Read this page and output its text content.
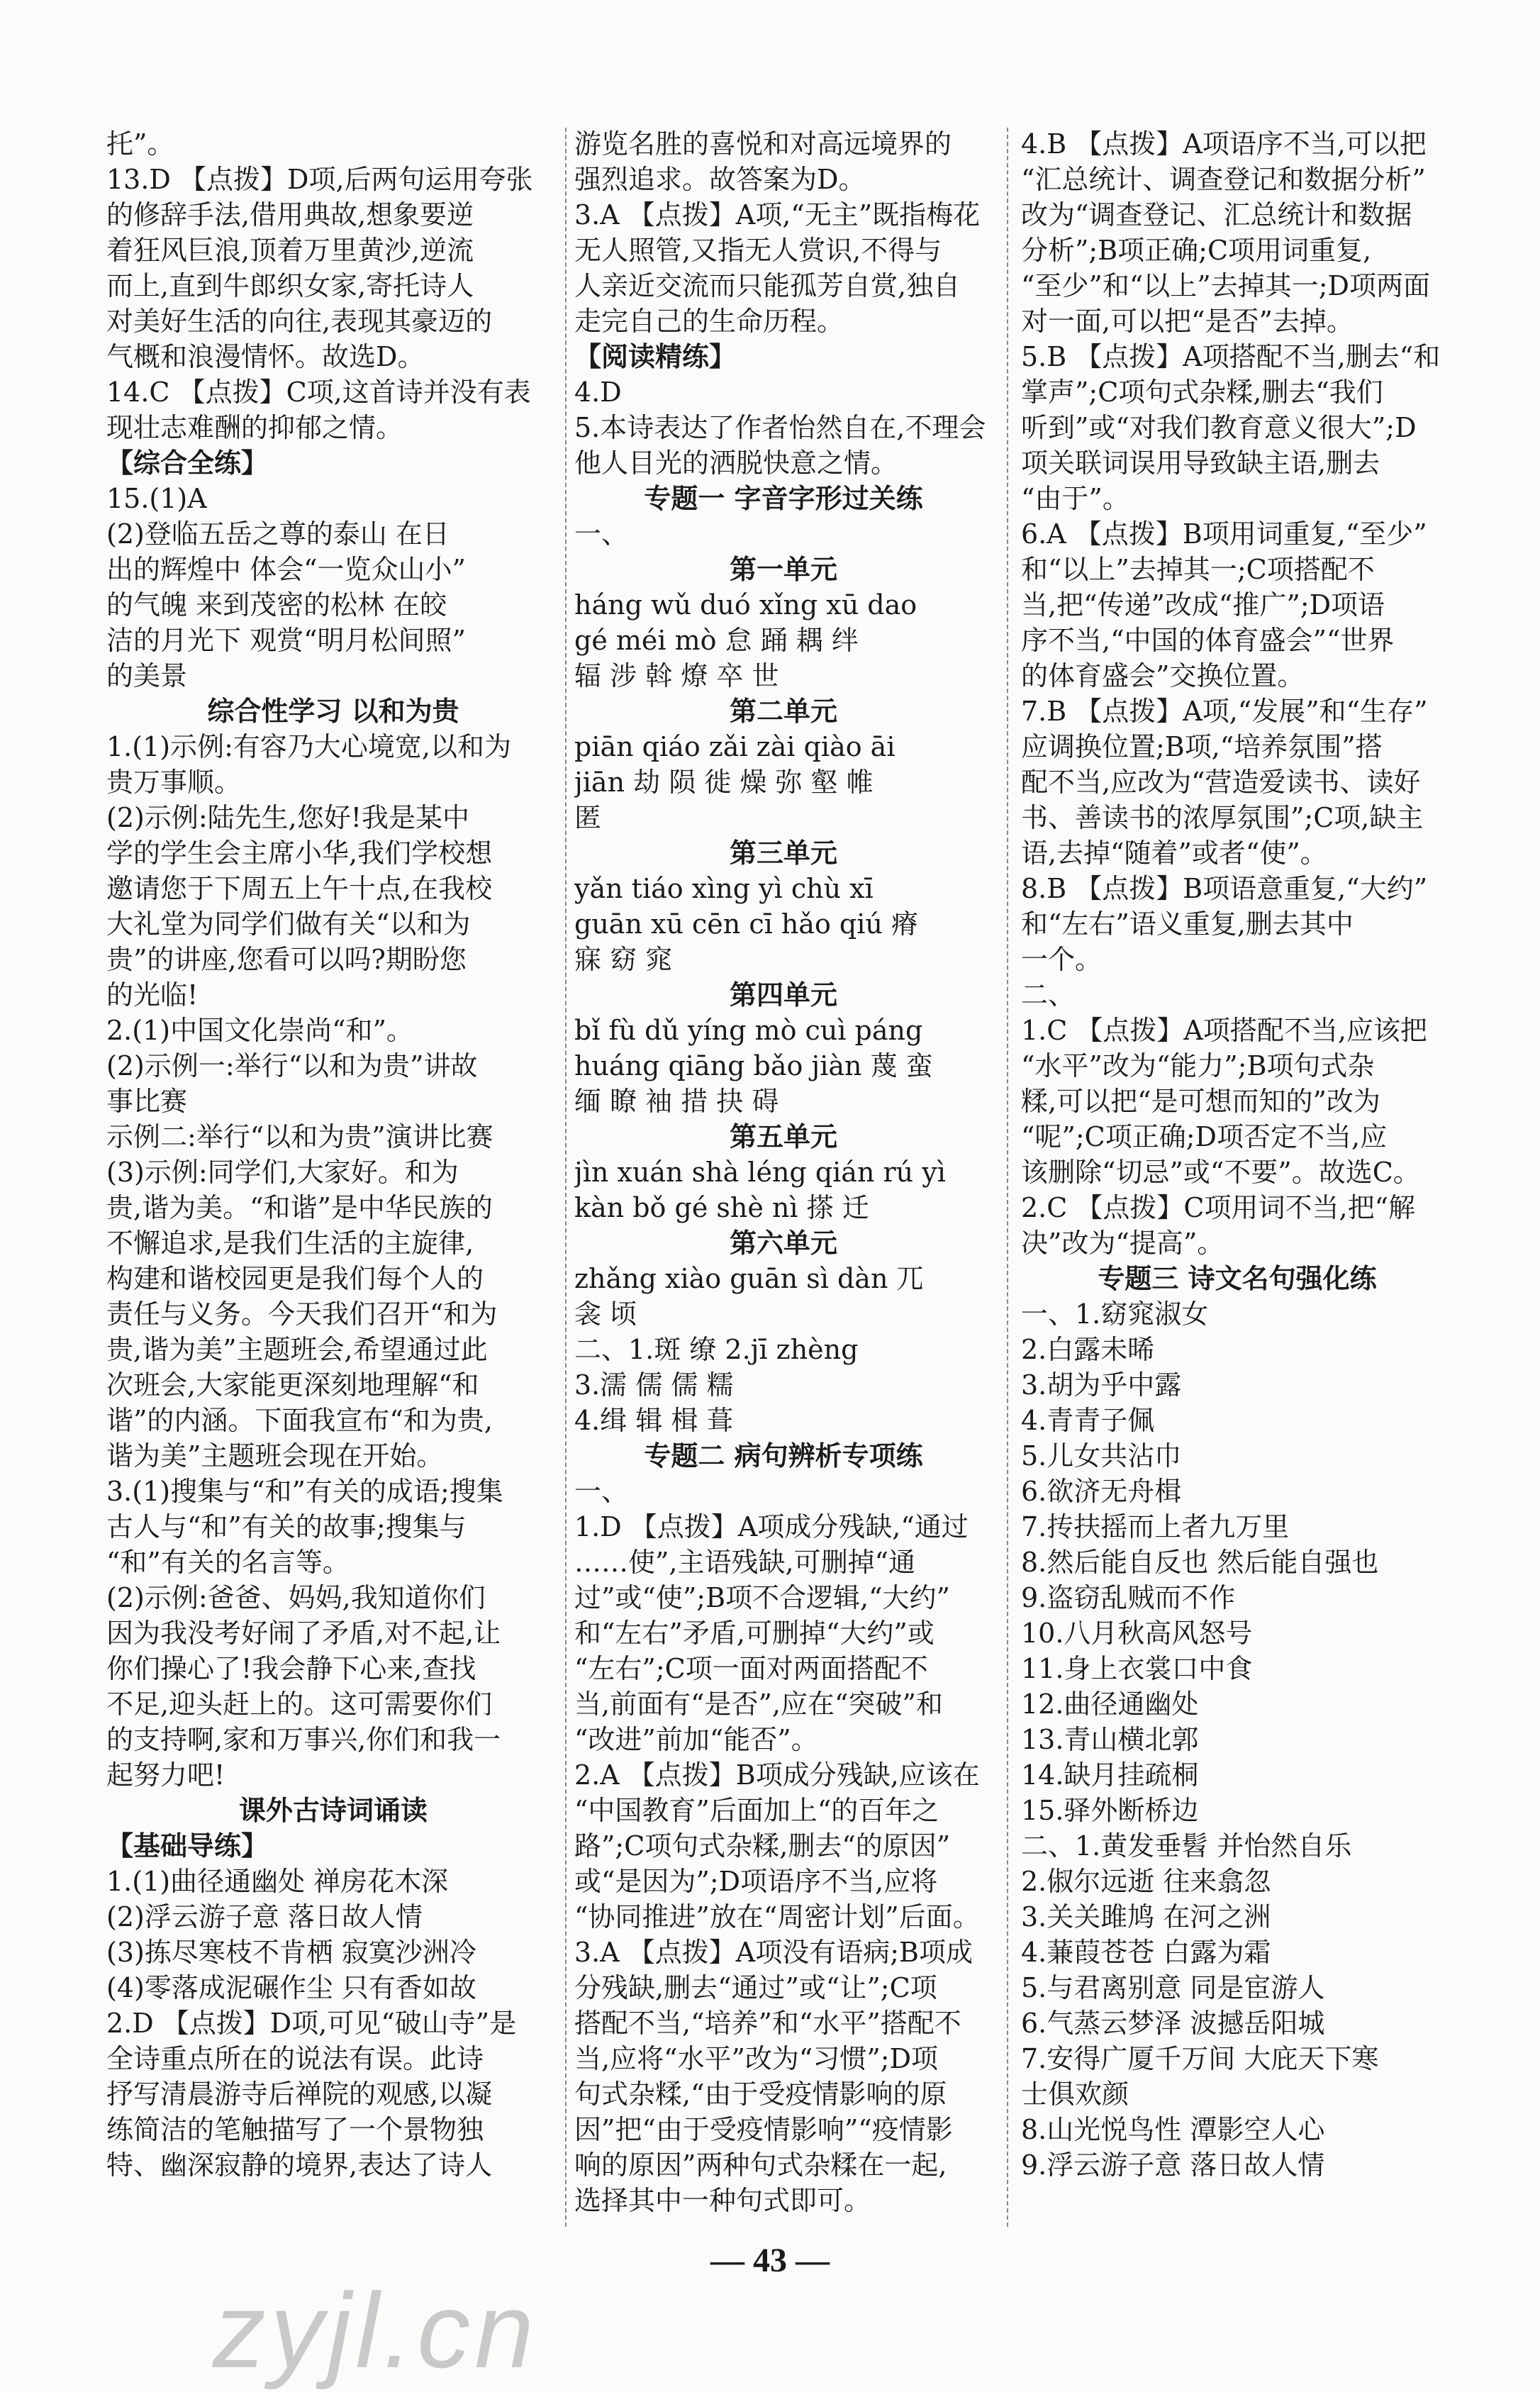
托”。
13.D 【点拨】D项,后两句运用夸张
的修辞手法,借用典故,想象要逆
着狂风巨浪,顶着万里黄沙,逆流
而上,直到牛郎织女家,寄托诗人
对美好生活的向往,表现其豪迈的
气概和浪漫情怀。故选D。
14.C 【点拨】C项,这首诗并没有表
现壮志难酬的抑郁之情。
【综合全练】
15.(1)A
(2)登临五岳之尊的泰山 在日
出的辉煌中 体会“一览众山小”
的气魄 来到茂密的松林 在皎
洁的月光下 观赏“明月松间照”
的美景
综合性学习 以和为贵
1.(1)示例:有容乃大心境宽,以和为
贵万事顺。
(2)示例:陆先生,您好!我是某中
学的学生会主席小华,我们学校想
邀请您于下周五上午十点,在我校
大礼堂为同学们做有关“以和为
贵”的讲座,您看可以吗?期盼您
的光临!
2.(1)中国文化崇尚“和”。
(2)示例一:举行“以和为贵”讲故
事比赛
示例二:举行“以和为贵”演讲比赛
(3)示例:同学们,大家好。和为
贵,谐为美。“和谐”是中华民族的
不懈追求,是我们生活的主旋律,
构建和谐校园更是我们每个人的
责任与义务。今天我们召开“和为
贵,谐为美”主题班会,希望通过此
次班会,大家能更深刻地理解“和
谐”的内涵。下面我宣布“和为贵,
谐为美”主题班会现在开始。
3.(1)搜集与“和”有关的成语;搜集
古人与“和”有关的故事;搜集与
“和”有关的名言等。
(2)示例:爸爸、妈妈,我知道你们
因为我没考好闹了矛盾,对不起,让
你们操心了!我会静下心来,查找
不足,迎头赶上的。这可需要你们
的支持啊,家和万事兴,你们和我一
起努力吧!
课外古诗词诵读
【基础导练】
1.(1)曲径通幽处 禅房花木深
(2)浮云游子意 落日故人情
(3)拣尽寒枝不肯栖 寂寞沙洲冷
(4)零落成泥碾作尘 只有香如故
2.D 【点拨】D项,可见“破山寺”是
全诗重点所在的说法有误。此诗
抒写清晨游寺后禅院的观感,以凝
练简洁的笔触描写了一个景物独
特、幽深寂静的境界,表达了诗人
游览名胜的喜悦和对高远境界的
强烈追求。故答案为D。
3.A 【点拨】A项,“无主”既指梅花
无人照管,又指无人赏识,不得与
人亲近交流而只能孤芳自赏,独自
走完自己的生命历程。
【阅读精练】
4.D
5.本诗表达了作者怡然自在,不理会
他人目光的洒脱快意之情。
专题一 字音字形过关练
一、
第一单元
háng wǔ duó xǐng xū dao
gé méi mò 怠 踊 耦 绊
辐 涉 斡 燎 卒 世
第二单元
piān qiáo zǎi zài qiào āi
jiān 劫 陨 徙 燥 弥 壑 帷
匿
第三单元
yǎn tiáo xìng yì chù xī
guān xū cēn cī hǎo qiú 瘠
寐 窈 窕
第四单元
bǐ fù dǔ yíng mò cuì páng
huáng qiāng bǎo jiàn 蔑 蛮
缅 瞭 袖 措 抉 碍
第五单元
jìn xuán shà léng qián rú yì
kàn bǒ gé shè nì 搽 迁
第六单元
zhǎng xiào guān sì dàn 兀
衾 顷
二、1.斑 缭 2.jī zhèng
3.濡 儒 儒 糯
4.缉 辑 楫 葺
专题二 病句辨析专项练
一、
1.D 【点拨】A项成分残缺,“通过
……使”,主语残缺,可删掉“通
过”或“使”;B项不合逻辑,“大约”
和“左右”矛盾,可删掉“大约”或
“左右”;C项一面对两面搭配不
当,前面有“是否”,应在“突破”和
“改进”前加“能否”。
2.A 【点拨】B项成分残缺,应该在
“中国教育”后面加上“的百年之
路”;C项句式杂糅,删去“的原因”
或“是因为”;D项语序不当,应将
“协同推进”放在“周密计划”后面。
3.A 【点拨】A项没有语病;B项成
分残缺,删去“通过”或“让”;C项
搭配不当,“培养”和“水平”搭配不
当,应将“水平”改为“习惯”;D项
句式杂糅,“由于受疫情影响的原
因”把“由于受疫情影响”“疫情影
响的原因”两种句式杂糅在一起,
选择其中一种句式即可。
4.B 【点拨】A项语序不当,可以把
“汇总统计、调查登记和数据分析”
改为“调查登记、汇总统计和数据
分析”;B项正确;C项用词重复,
“至少”和“以上”去掉其一;D项两面
对一面,可以把“是否”去掉。
5.B 【点拨】A项搭配不当,删去“和
掌声”;C项句式杂糅,删去“我们
听到”或“对我们教育意义很大”;D
项关联词误用导致缺主语,删去
“由于”。
6.A 【点拨】B项用词重复,“至少”
和“以上”去掉其一;C项搭配不
当,把“传递”改成“推广”;D项语
序不当,“中国的体育盛会”“世界
的体育盛会”交换位置。
7.B 【点拨】A项,“发展”和“生存”
应调换位置;B项,“培养氛围”搭
配不当,应改为“营造爱读书、读好
书、善读书的浓厚氛围”;C项,缺主
语,去掉“随着”或者“使”。
8.B 【点拨】B项语意重复,“大约”
和“左右”语义重复,删去其中
一个。
二、
1.C 【点拨】A项搭配不当,应该把
“水平”改为“能力”;B项句式杂
糅,可以把“是可想而知的”改为
“呢”;C项正确;D项否定不当,应
该删除“切忌”或“不要”。故选C。
2.C 【点拨】C项用词不当,把“解
决”改为“提高”。
专题三 诗文名句强化练
一、1.窈窕淑女
2.白露未晞
3.胡为乎中露
4.青青子佩
5.儿女共沾巾
6.欲济无舟楫
7.抟扶摇而上者九万里
8.然后能自反也 然后能自强也
9.盗窃乱贼而不作
10.八月秋高风怒号
11.身上衣裳口中食
12.曲径通幽处
13.青山横北郭
14.缺月挂疏桐
15.驿外断桥边
二、1.黄发垂髫 并怡然自乐
2.俶尔远逝 往来翕忽
3.关关雎鸠 在河之洲
4.蒹葭苍苍 白露为霜
5.与君离别意 同是宦游人
6.气蒸云梦泽 波撼岳阳城
7.安得广厦千万间 大庇天下寒
士俱欢颜
8.山光悦鸟性 潭影空人心
9.浮云游子意 落日故人情
— 43 —
zyjl.cn
